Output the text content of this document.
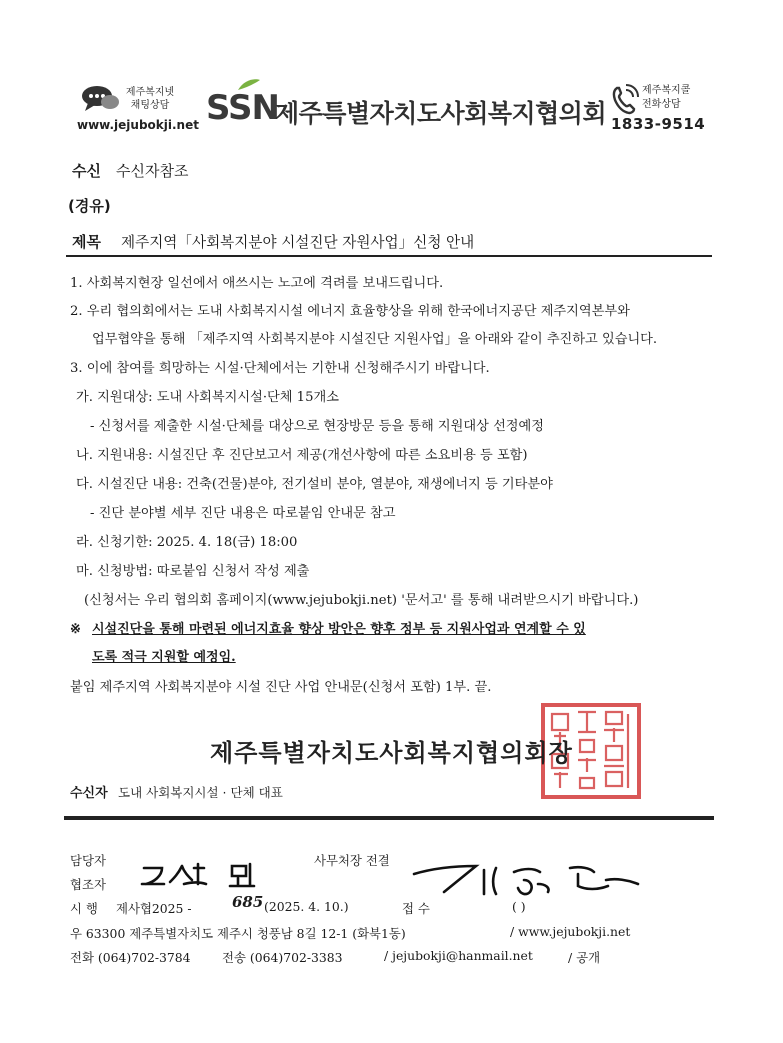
제주복지넷
채팅상담
www.jejubokji.net SSN
제주특별자치도사회복지협의회
제주복지콜
전화상담
1833-9514
수신 수신자참조
(경유)
제목 제주지역「사회복지분야 시설진단 자원사업」신청 안내
1. 사회복지현장 일선에서 애쓰시는 노고에 격려를 보내드립니다.
2. 우리 협의회에서는 도내 사회복지시설 에너지 효율향상을 위해 한국에너지공단 제주지역본부와
업무협약을 통해 「제주지역 사회복지분야 시설진단 지원사업」을 아래와 같이 추진하고 있습니다.
3. 이에 참여를 희망하는 시설·단체에서는 기한내 신청해주시기 바랍니다.
가. 지원대상: 도내 사회복지시설·단체 15개소
- 신청서를 제출한 시설·단체를 대상으로 현장방문 등을 통해 지원대상 선정예정
나. 지원내용: 시설진단 후 진단보고서 제공(개선사항에 따른 소요비용 등 포함)
다. 시설진단 내용: 건축(건물)분야, 전기설비 분야, 열분야, 재생에너지 등 기타분야
- 진단 분야별 세부 진단 내용은 따로붙임 안내문 참고
라. 신청기한: 2025. 4. 18(금) 18:00
마. 신청방법: 따로붙임 신청서 작성 제출
(신청서는 우리 협의회 홈페이지(www.jejubokji.net) '문서고' 를 통해 내려받으시기 바랍니다.)
※ 시설진단을 통해 마련된 에너지효율 향상 방안은 향후 정부 등 지원사업과 연계할 수 있
도록 적극 지원할 예정임.
붙임 제주지역 사회복지분야 시설 진단 사업 안내문(신청서 포함) 1부. 끝.
제주특별자치도사회복지협의회장
수신자 도내 사회복지시설 · 단체 대표
담당자	사무처장 전결
협조자
시 행 제사협2025 -	685 (2025. 4. 10.)	접 수	( )
우 63300 제주특별자치도 제주시 청풍남 8길 12-1 (화북1동)	/ www.jejubokji.net
전화 (064)702-3784	전송 (064)702-3383	/ jejubokji@hanmail.net	/ 공개
